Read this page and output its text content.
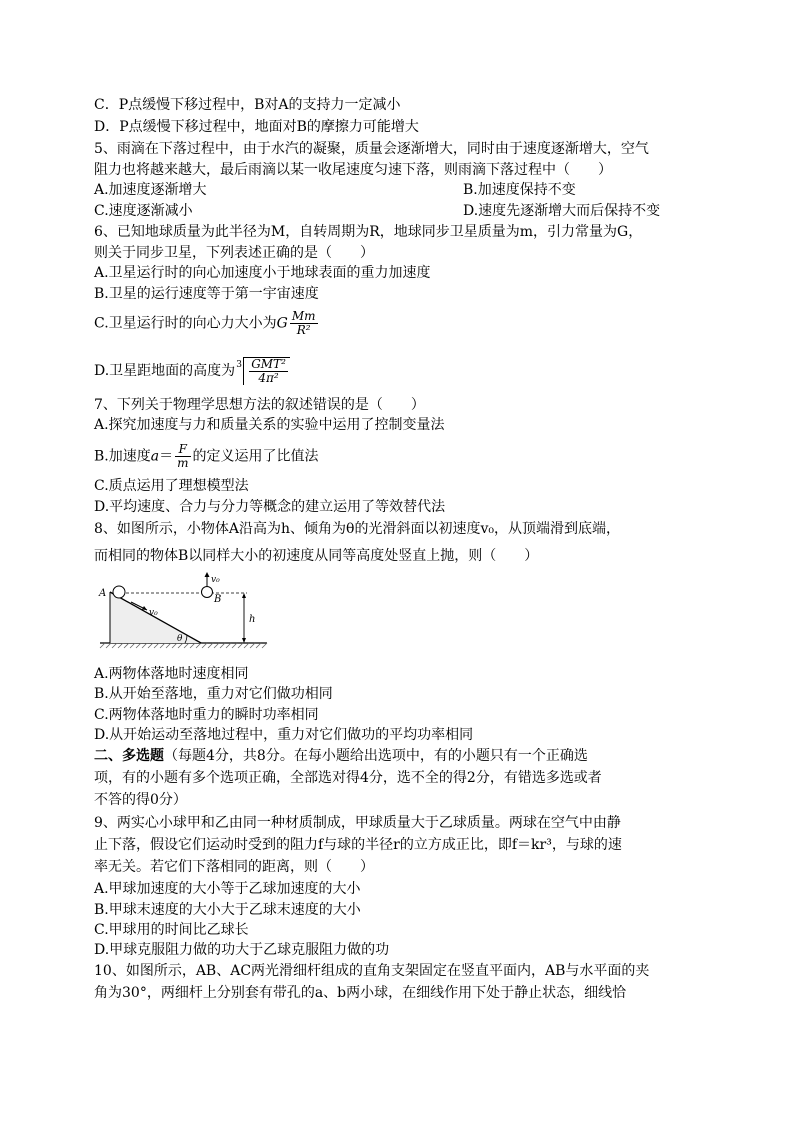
C．P点缓慢下移过程中，B对A的支持力一定减小
D．P点缓慢下移过程中，地面对B的摩擦力可能增大
5、雨滴在下落过程中，由于水汽的凝聚，质量会逐渐增大，同时由于速度逐渐增大，空气
阻力也将越来越大，最后雨滴以某一收尾速度匀速下落，则雨滴下落过程中（　　）
A.加速度逐渐增大	B.加速度保持不变
C.速度逐渐减小	D.速度先逐渐增大而后保持不变
6、已知地球质量为此半径为M，自转周期为R，地球同步卫星质量为m，引力常量为G，
则关于同步卫星，下列表述正确的是（　　）
A.卫星运行时的向心加速度小于地球表面的重力加速度
B.卫星的运行速度等于第一宇宙速度
C.卫星运行时的向心力大小为G $\frac{Mm}{\text{R²}}$
D.卫星距地面的高度为 $3 \frac{\text{GMT²}}{\text{4π²}}$
7、下列关于物理学思想方法的叙述错误的是（　　）
A.探究加速度与力和质量关系的实验中运用了控制变量法
B.加速度$a= \frac{F}{m}$ 的定义运用了比值法
C.质点运用了理想模型法
D.平均速度、合力与分力等概念的建立运用了等效替代法
8、如图所示，小物体A沿高为h、倾角为θ的光滑斜面以初速度v₀，从顶端滑到底端，
而相同的物体B以同样大小的初速度从同等高度处竖直上抛，则（　　）
θ
A
v₀
B
v₀
h
A.两物体落地时速度相同
B.从开始至落地，重力对它们做功相同
C.两物体落地时重力的瞬时功率相同
D.从开始运动至落地过程中，重力对它们做功的平均功率相同
二、多选题（每题4分，共8分。在每小题给出选项中，有的小题只有一个正确选
项，有的小题有多个选项正确，全部选对得4分，选不全的得2分，有错选多选或者
不答的得0分）
9、两实心小球甲和乙由同一种材质制成，甲球质量大于乙球质量。两球在空气中由静
止下落，假设它们运动时受到的阻力f与球的半径r的立方成正比，即f＝kr³，与球的速
率无关。若它们下落相同的距离，则（　　）
A.甲球加速度的大小等于乙球加速度的大小
B.甲球末速度的大小大于乙球末速度的大小
C.甲球用的时间比乙球长
D.甲球克服阻力做的功大于乙球克服阻力做的功
10、如图所示，AB、AC两光滑细杆组成的直角支架固定在竖直平面内，AB与水平面的夹
角为30°，两细杆上分别套有带孔的a、b两小球，在细线作用下处于静止状态，细线恰
